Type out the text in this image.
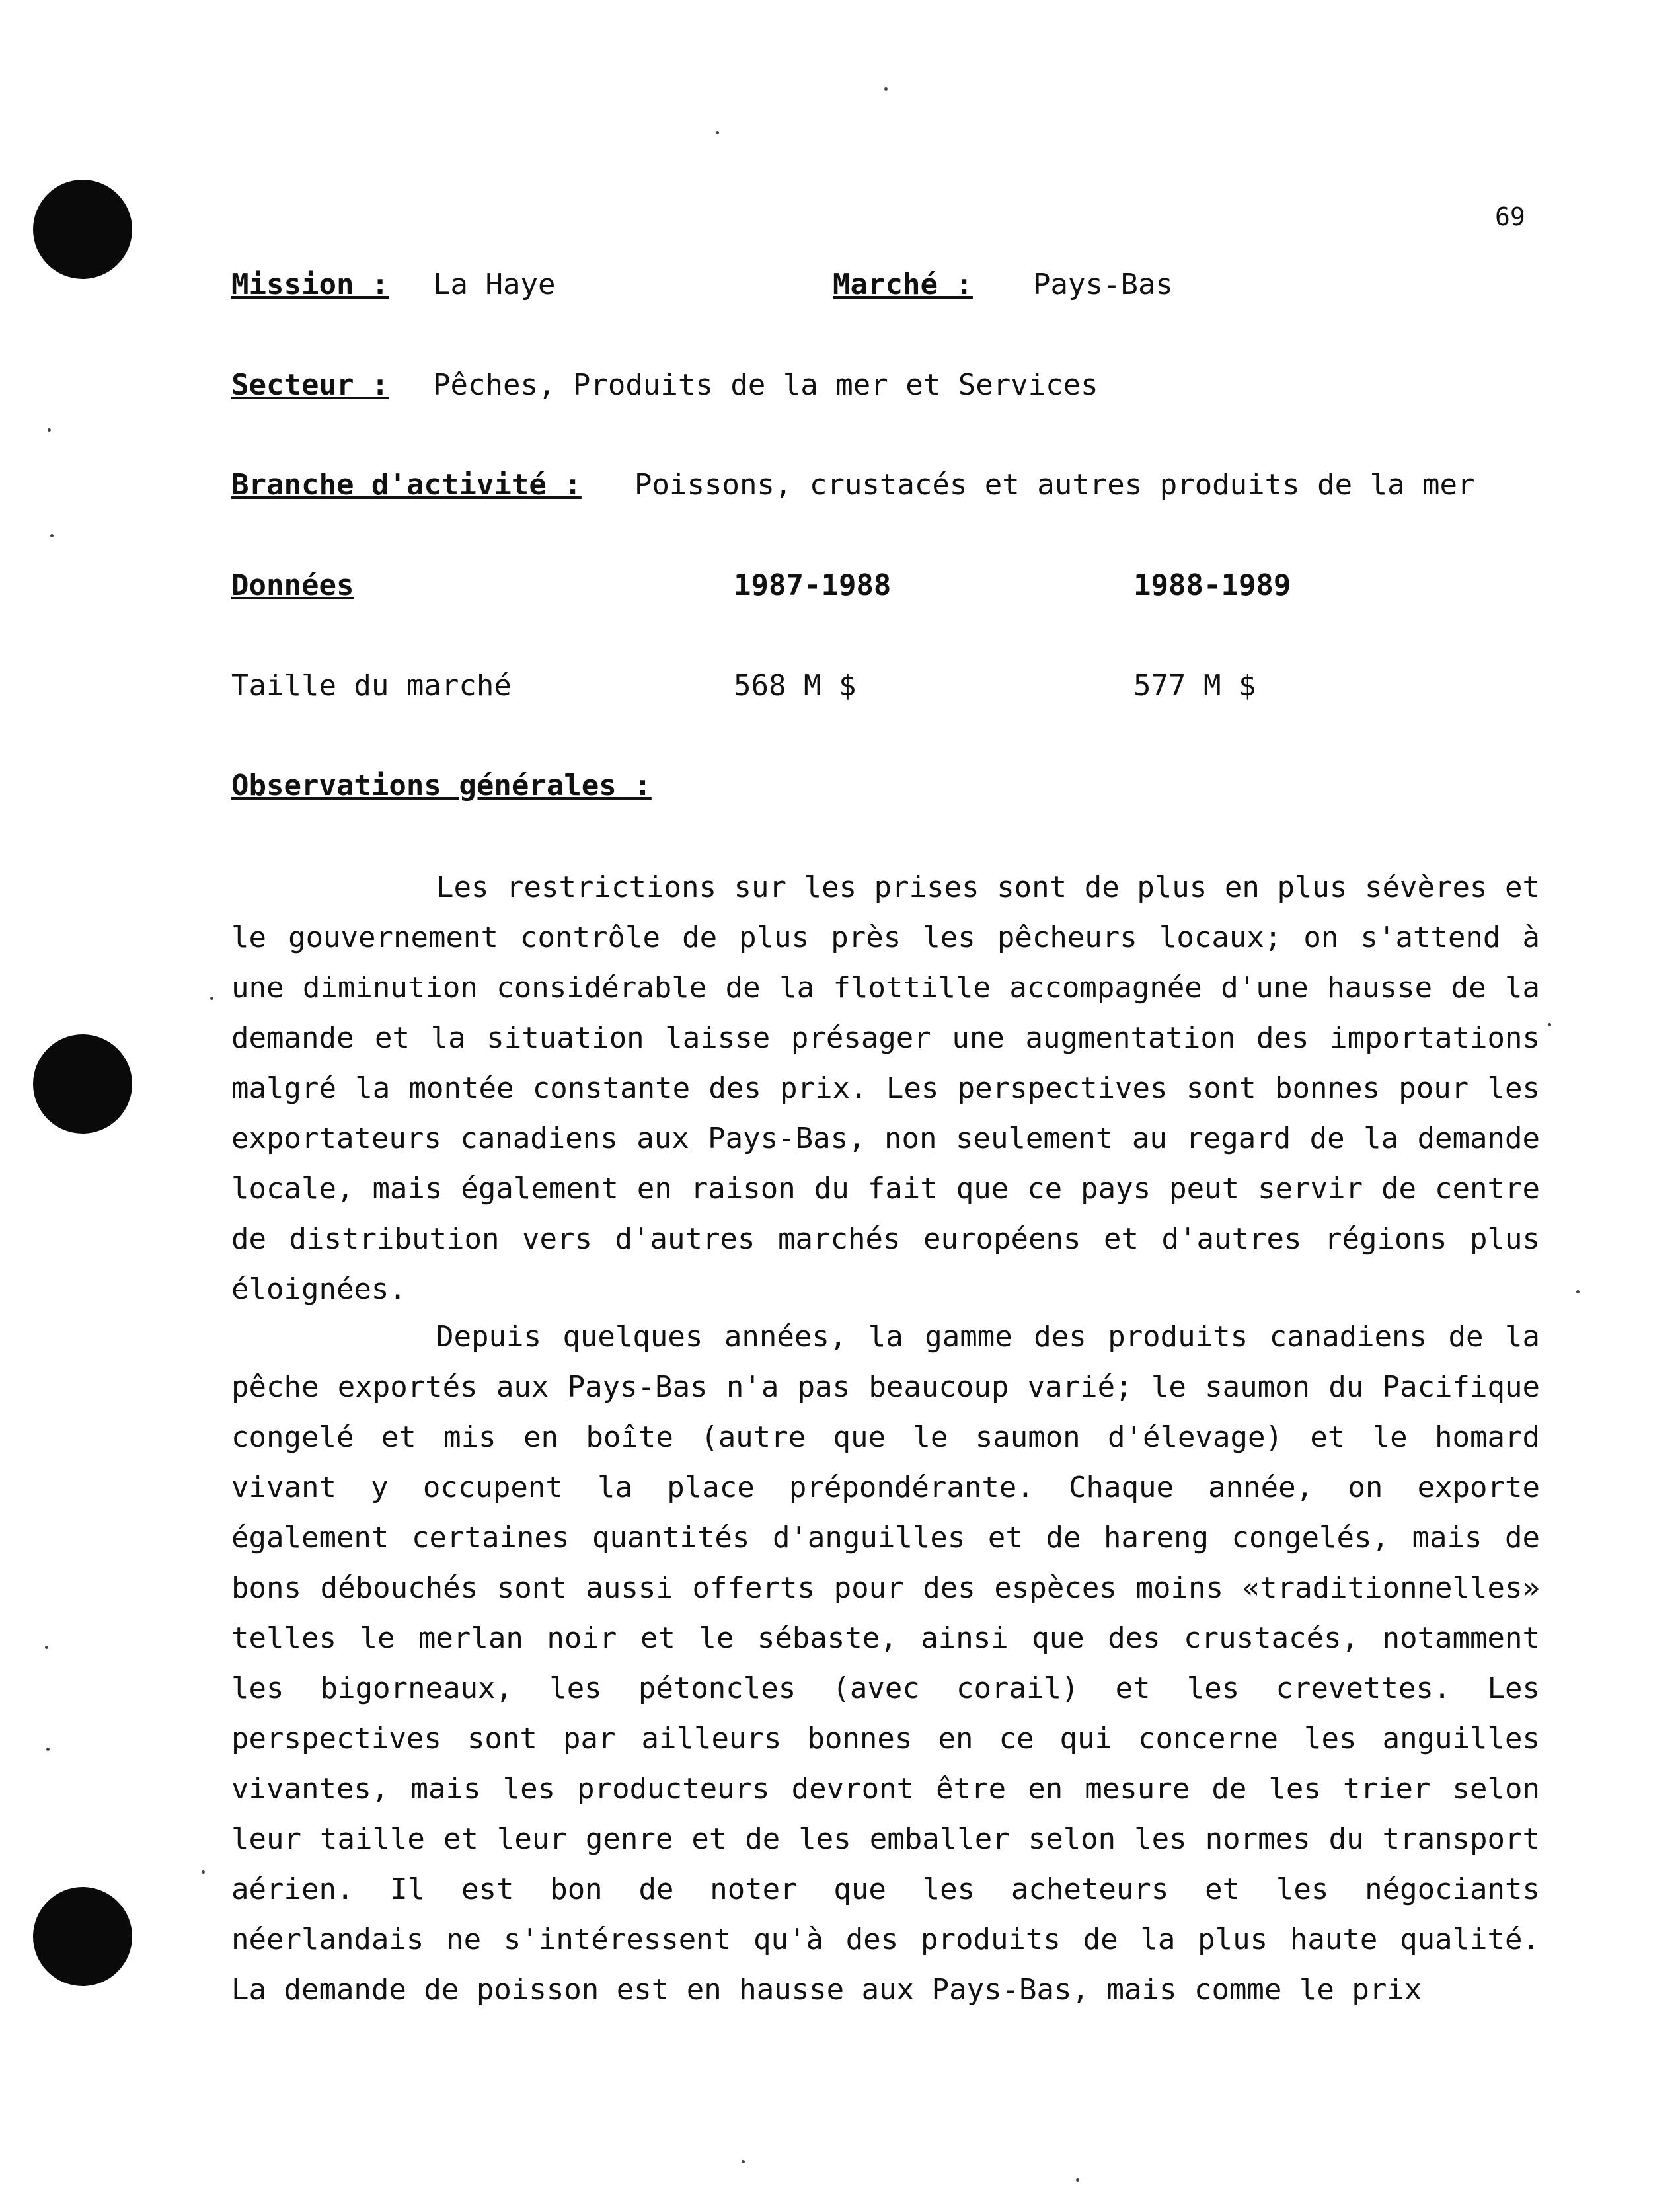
69
Mission : La Haye	Marché : Pays-Bas
Secteur : Pêches, Produits de la mer et Services
Branche d'activité : Poissons, crustacés et autres produits de la mer
Données	1987-1988	1988-1989
Taille du marché	568 M $	577 M $
Observations générales :

Les restrictions sur les prises sont de plus en plus sévères et le gouvernement contrôle de plus près les pêcheurs locaux; on s'attend à une diminution considérable de la flottille accompagnée d'une hausse de la demande et la situation laisse présager une augmentation des importations malgré la montée constante des prix. Les perspectives sont bonnes pour les exportateurs canadiens aux Pays-Bas, non seulement au regard de la demande locale, mais également en raison du fait que ce pays peut servir de centre de distribution vers d'autres marchés européens et d'autres régions plus éloignées.

Depuis quelques années, la gamme des produits canadiens de la pêche exportés aux Pays-Bas n'a pas beaucoup varié; le saumon du Pacifique congelé et mis en boîte (autre que le saumon d'élevage) et le homard vivant y occupent la place prépondérante. Chaque année, on exporte également certaines quantités d'anguilles et de hareng congelés, mais de bons débouchés sont aussi offerts pour des espèces moins «traditionnelles» telles le merlan noir et le sébaste, ainsi que des crustacés, notamment les bigorneaux, les pétoncles (avec corail) et les crevettes. Les perspectives sont par ailleurs bonnes en ce qui concerne les anguilles vivantes, mais les producteurs devront être en mesure de les trier selon leur taille et leur genre et de les emballer selon les normes du transport aérien. Il est bon de noter que les acheteurs et les négociants néerlandais ne s'intéressent qu'à des produits de la plus haute qualité. La demande de poisson est en hausse aux Pays-Bas, mais comme le prix
